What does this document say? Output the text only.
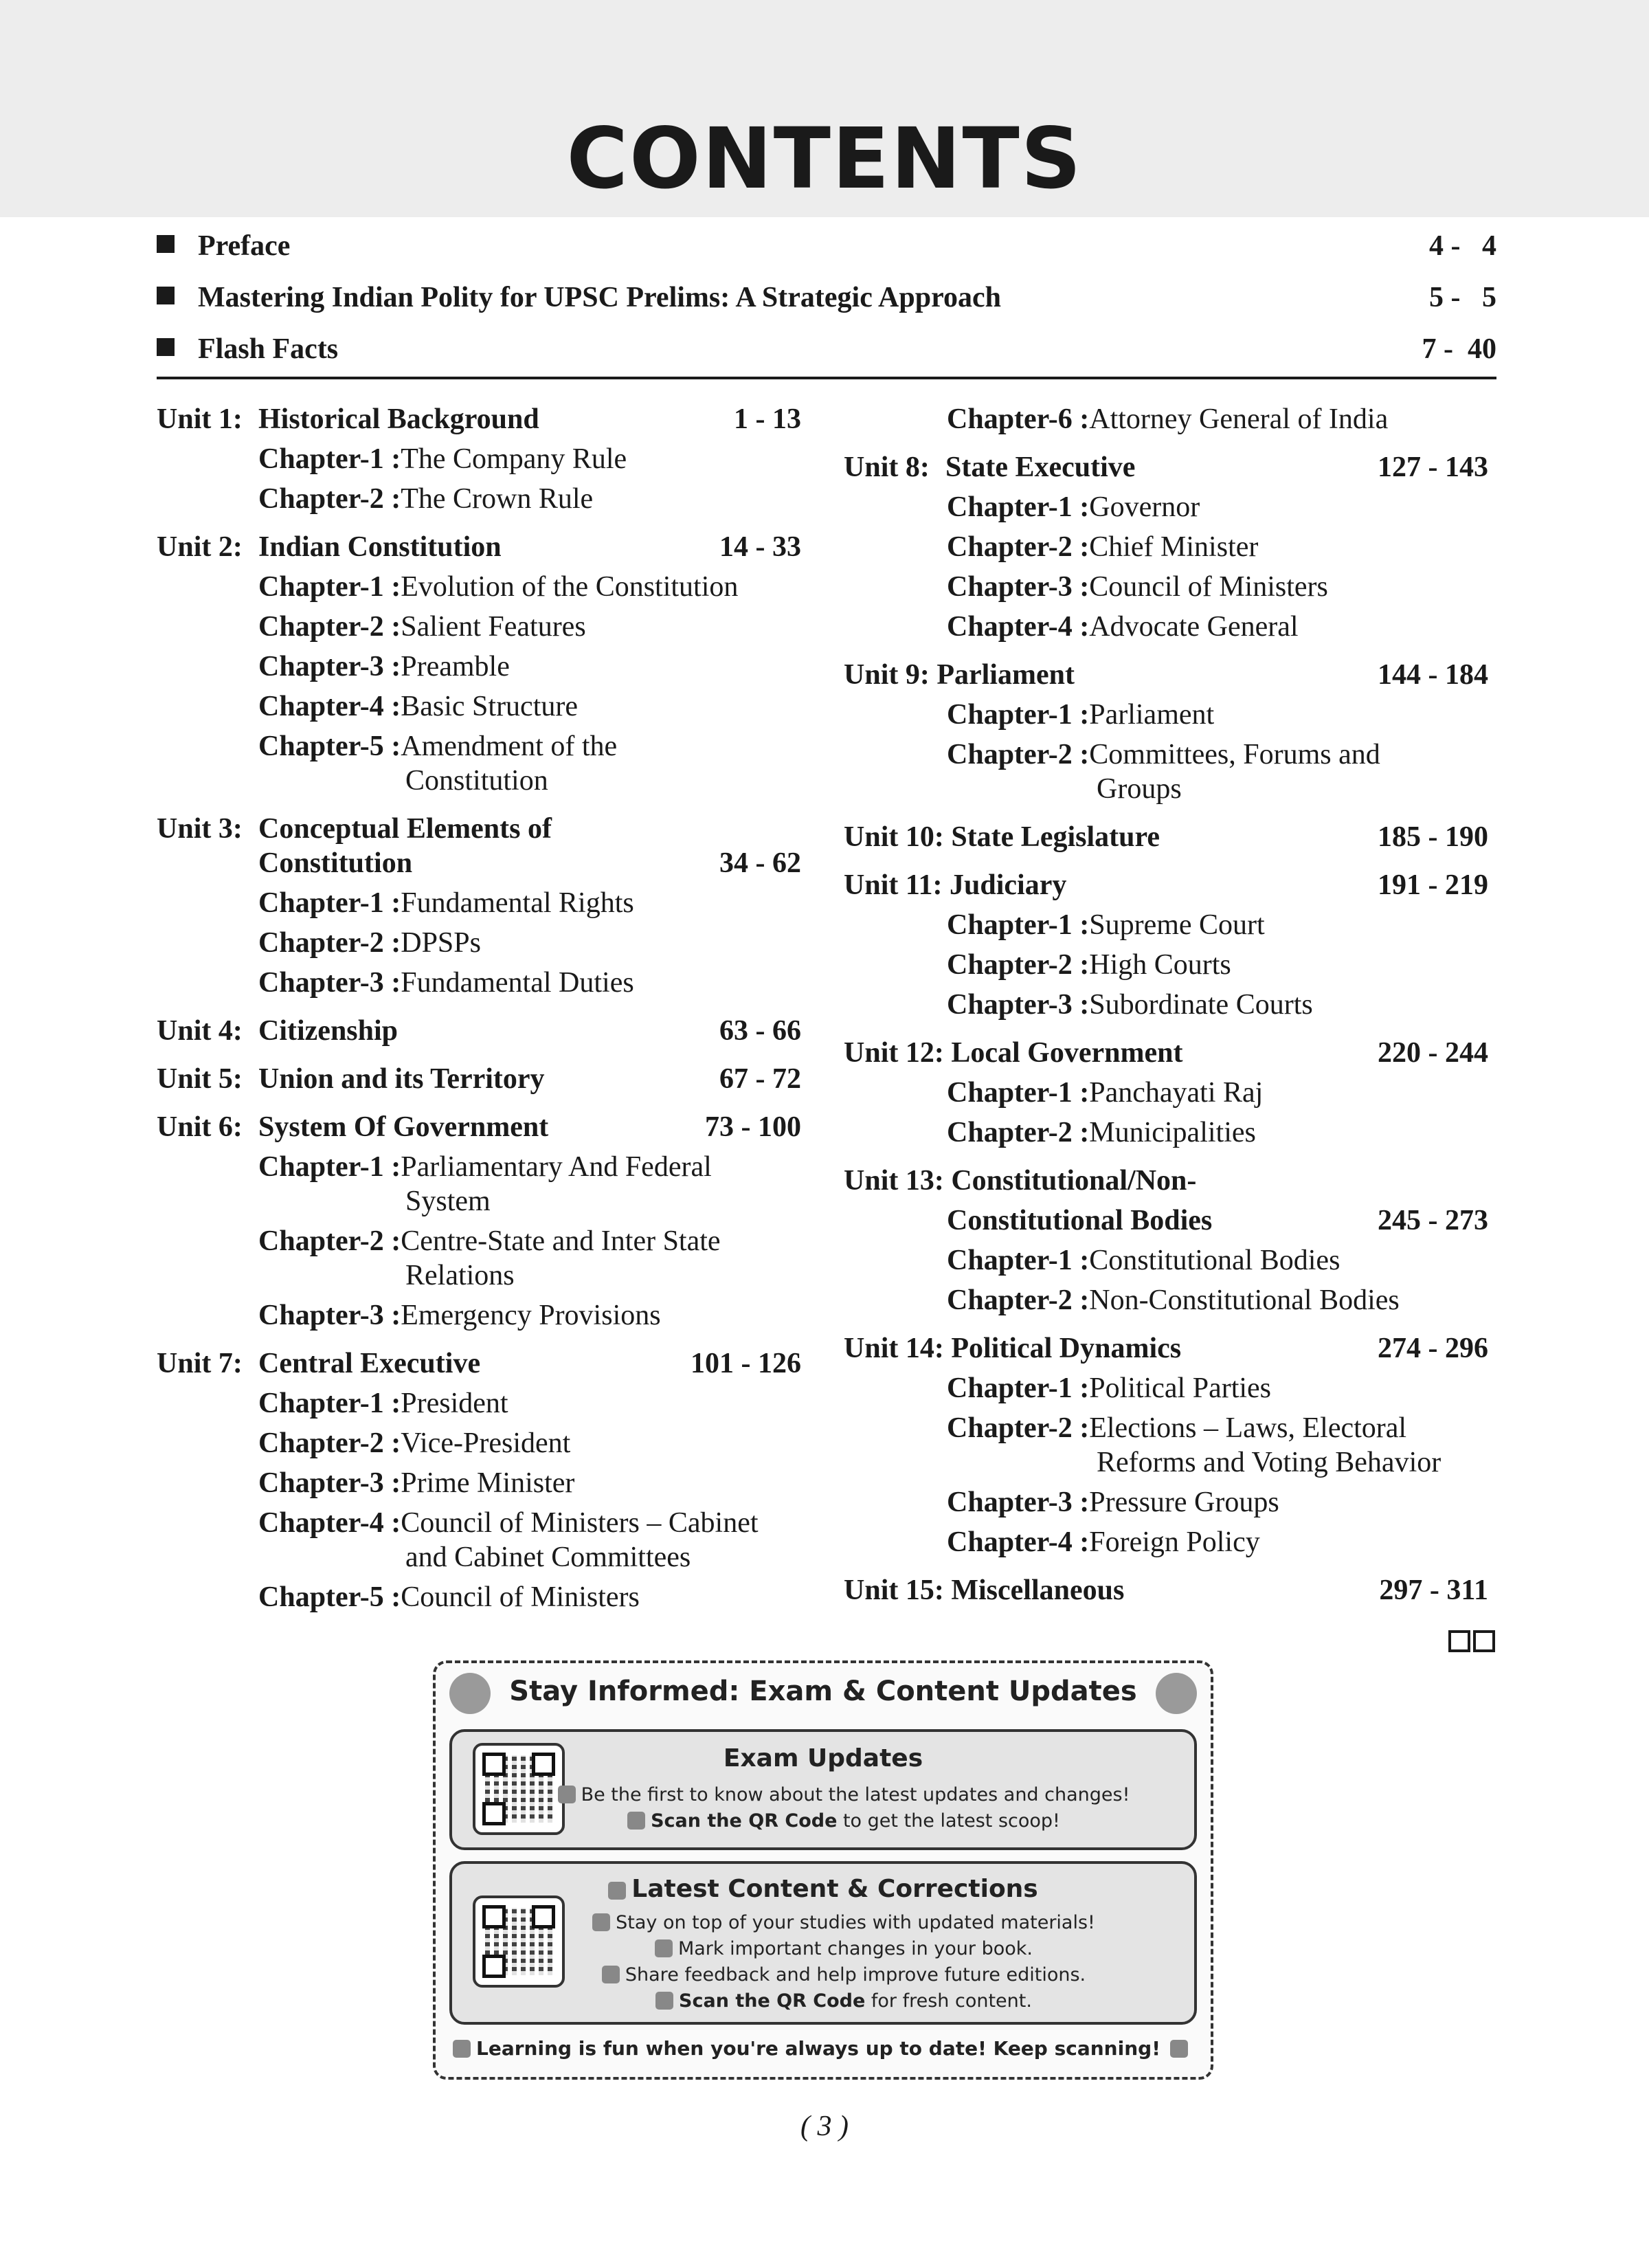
CONTENTS
Preface	4 -   4
Mastering Indian Polity for UPSC Prelims: A Strategic Approach	5 -   5
Flash Facts	7 -  40
Unit 1: Historical Background	1 - 13
Chapter-1 :The Company Rule
Chapter-2 :The Crown Rule
Unit 2: Indian Constitution	14 - 33
Chapter-1 :Evolution of the Constitution
Chapter-2 :Salient Features
Chapter-3 :Preamble
Chapter-4 :Basic Structure
Chapter-5 :Amendment of the
Constitution
Unit 3: Conceptual Elements of
Constitution	34 - 62
Chapter-1 :Fundamental Rights
Chapter-2 :DPSPs
Chapter-3 :Fundamental Duties
Unit 4: Citizenship	63 - 66
Unit 5: Union and its Territory	67 - 72
Unit 6: System Of Government	73 - 100
Chapter-1 :Parliamentary And Federal
System
Chapter-2 :Centre-State and Inter State
Relations
Chapter-3 :Emergency Provisions
Unit 7: Central Executive	101 - 126
Chapter-1 :President
Chapter-2 :Vice-President
Chapter-3 :Prime Minister
Chapter-4 :Council of Ministers – Cabinet
and Cabinet Committees
Chapter-5 :Council of Ministers
Chapter-6 :Attorney General of India
Unit 8: State Executive	127 - 143
Chapter-1 :Governor
Chapter-2 :Chief Minister
Chapter-3 :Council of Ministers
Chapter-4 :Advocate General
Unit 9: Parliament	144 - 184
Chapter-1 :Parliament
Chapter-2 :Committees, Forums and
Groups
Unit 10: State Legislature	185 - 190
Unit 11: Judiciary	191 - 219
Chapter-1 :Supreme Court
Chapter-2 :High Courts
Chapter-3 :Subordinate Courts
Unit 12: Local Government	220 - 244
Chapter-1 :Panchayati Raj
Chapter-2 :Municipalities
Unit 13: Constitutional/Non-
Constitutional Bodies	245 - 273
Chapter-1 :Constitutional Bodies
Chapter-2 :Non-Constitutional Bodies
Unit 14: Political Dynamics	274 - 296
Chapter-1 :Political Parties
Chapter-2 :Elections – Laws, Electoral
Reforms and Voting Behavior
Chapter-3 :Pressure Groups
Chapter-4 :Foreign Policy
Unit 15: Miscellaneous	297 - 311
Stay Informed: Exam & Content Updates
Exam Updates
Be the first to know about the latest updates and changes!
Scan the QR Code to get the latest scoop!
Latest Content & Corrections
Stay on top of your studies with updated materials!
Mark important changes in your book.
Share feedback and help improve future editions.
Scan the QR Code for fresh content.
Learning is fun when you're always up to date! Keep scanning!
( 3 )
